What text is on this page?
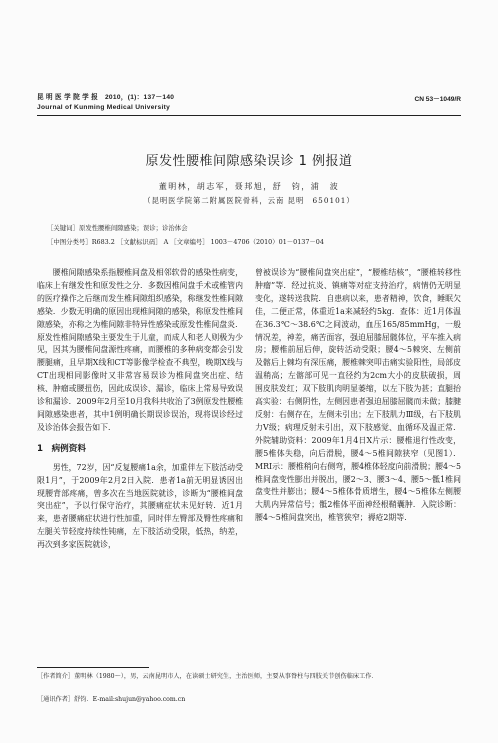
昆 明 医 学 院 学 报　2010，(1)：137－140
Journal of Kunming Medical University
CN 53－1049/R
原发性腰椎间隙感染误诊 1 例报道
董明林，胡志军，聂邦旭，舒　钧，浦　波
（昆明医学院第二附属医院骨科，云南 昆明　650101）
［关键词］原发性腰椎间隙感染；误诊；诊治体会
［中图分类号］R683.2 ［文献标识码］ A ［文章编号］ 1003－4706（2010）01－0137－04

腰椎间隙感染系指腰椎间盘及相邻软骨的感染性病变，临床上有继发性和原发性之分．多数因椎间盘手术或椎管内的医疗操作之后继而发生椎间隙组织感染，称继发性椎间隙感染．少数无明确的原因出现椎间隙的感染，称原发性椎间隙感染，亦称之为椎间隙非特异性感染或原发性椎间盘炎．原发性椎间隙感染主要发生于儿童，而成人和老人则极为少见，因其为腰椎间盘源性疼痛，而腰椎的多种病变都会引发腰腿痛，且早期X线和CT等影像学检查不典型，晚期X线与CT出现相同影像时又非常容易误诊为椎间盘突出症、结核、肿瘤或腰扭伤，因此成误诊、漏诊，临床上常易导致误诊和漏诊．2009年2月至10月我科共收治了3例原发性腰椎间隙感染患者，其中1例明确长期误诊误治，现将误诊经过及诊治体会报告如下．

1　病例资料

男性，72岁，因“反复腰痛1a余，加重伴左下肢活动受限1月”，于2009年2月2日入院．患者1a前无明显诱因出现腰背部疼痛，曾多次在当地医院就诊，诊断为“腰椎间盘突出症”，予以行保守治疗，其腰痛症状未见好转．近1月来，患者腰痛症状进行性加重，同时伴左臀部及臀性疼痛和左腿关节轻度持续性钝痛，左下肢活动受限，低热，纳差，再次到多家医院就诊，

曾被误诊为“腰椎间盘突出症”，“腰椎结核”，“腰椎转移性肿瘤”等．经过抗炎、镇痛等对症支持治疗，病情仍无明显变化，遂转送我院．自患病以来，患者精神，饮食，睡眠欠佳，二便正常，体重近1a来减轻约5kg．查体：近1月体温在36.3℃～38.6℃之间波动，血压165/85mmHg，一般情况差，神差，痛苦面容，强迫屈膝屈髋体位，平车推入病房；腰椎前屈后伸，旋转活动受限；腰4～5棘突、左侧前及髂后上棘均有深压痛，腰椎棘突叩击痛实验阳性，局部皮温稍高；左髂部可见一直径约为2cm大小的皮肤破损，周围皮肤发红；双下肢肌肉明显萎缩，以左下肢为甚；直腿抬高实验：右侧阴性，左侧因患者强迫屈膝屈髋而未做；膝腱反射：右侧存在，左侧未引出；左下肢肌力Ⅲ级，右下肢肌力Ⅴ级；病理反射未引出，双下肢感觉、血循环及温正常．外院辅助资料：2009年1月4日X片示：腰椎退行性改变，腰5椎体失稳，向后滑脱，腰4～5椎间隙狭窄（见图1）．MRI示：腰椎稍向右侧弯，腰4椎体轻度向前滑脱；腰4～5椎间盘变性膨出并脱出，腰2～3、腰3～4、腰5～骶1椎间盘变性并膨出；腰4～5椎体骨质增生，腰4～5椎体左侧腰大肌内异常信号；骶2椎体平面神经根鞘囊肿．入院诊断：腰4～5椎间盘突出，椎管狭窄；褥疮2期等．

［作者简介］董明林（1980～），男，云南昆明市人，在读硕士研究生，主治医师，主要从事脊柱与四肢关节创伤临床工作．
［通讯作者］舒钧．E-mail:shujun@yahoo.com.cn
